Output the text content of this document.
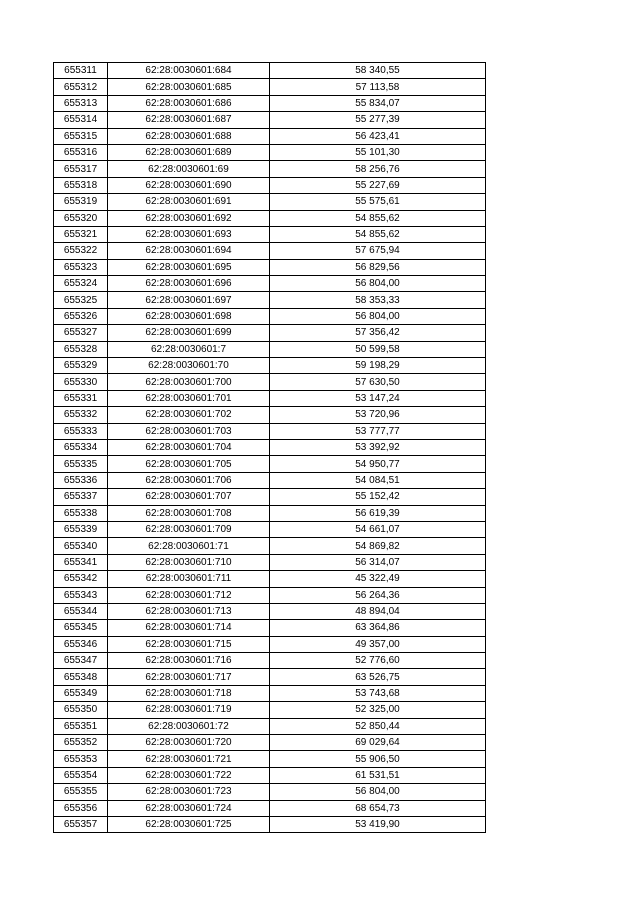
655311	62:28:0030601:684	58 340,55
655312	62:28:0030601:685	57 113,58
655313	62:28:0030601:686	55 834,07
655314	62:28:0030601:687	55 277,39
655315	62:28:0030601:688	56 423,41
655316	62:28:0030601:689	55 101,30
655317	62:28:0030601:69	58 256,76
655318	62:28:0030601:690	55 227,69
655319	62:28:0030601:691	55 575,61
655320	62:28:0030601:692	54 855,62
655321	62:28:0030601:693	54 855,62
655322	62:28:0030601:694	57 675,94
655323	62:28:0030601:695	56 829,56
655324	62:28:0030601:696	56 804,00
655325	62:28:0030601:697	58 353,33
655326	62:28:0030601:698	56 804,00
655327	62:28:0030601:699	57 356,42
655328	62:28:0030601:7	50 599,58
655329	62:28:0030601:70	59 198,29
655330	62:28:0030601:700	57 630,50
655331	62:28:0030601:701	53 147,24
655332	62:28:0030601:702	53 720,96
655333	62:28:0030601:703	53 777,77
655334	62:28:0030601:704	53 392,92
655335	62:28:0030601:705	54 950,77
655336	62:28:0030601:706	54 084,51
655337	62:28:0030601:707	55 152,42
655338	62:28:0030601:708	56 619,39
655339	62:28:0030601:709	54 661,07
655340	62:28:0030601:71	54 869,82
655341	62:28:0030601:710	56 314,07
655342	62:28:0030601:711	45 322,49
655343	62:28:0030601:712	56 264,36
655344	62:28:0030601:713	48 894,04
655345	62:28:0030601:714	63 364,86
655346	62:28:0030601:715	49 357,00
655347	62:28:0030601:716	52 776,60
655348	62:28:0030601:717	63 526,75
655349	62:28:0030601:718	53 743,68
655350	62:28:0030601:719	52 325,00
655351	62:28:0030601:72	52 850,44
655352	62:28:0030601:720	69 029,64
655353	62:28:0030601:721	55 906,50
655354	62:28:0030601:722	61 531,51
655355	62:28:0030601:723	56 804,00
655356	62:28:0030601:724	68 654,73
655357	62:28:0030601:725	53 419,90
